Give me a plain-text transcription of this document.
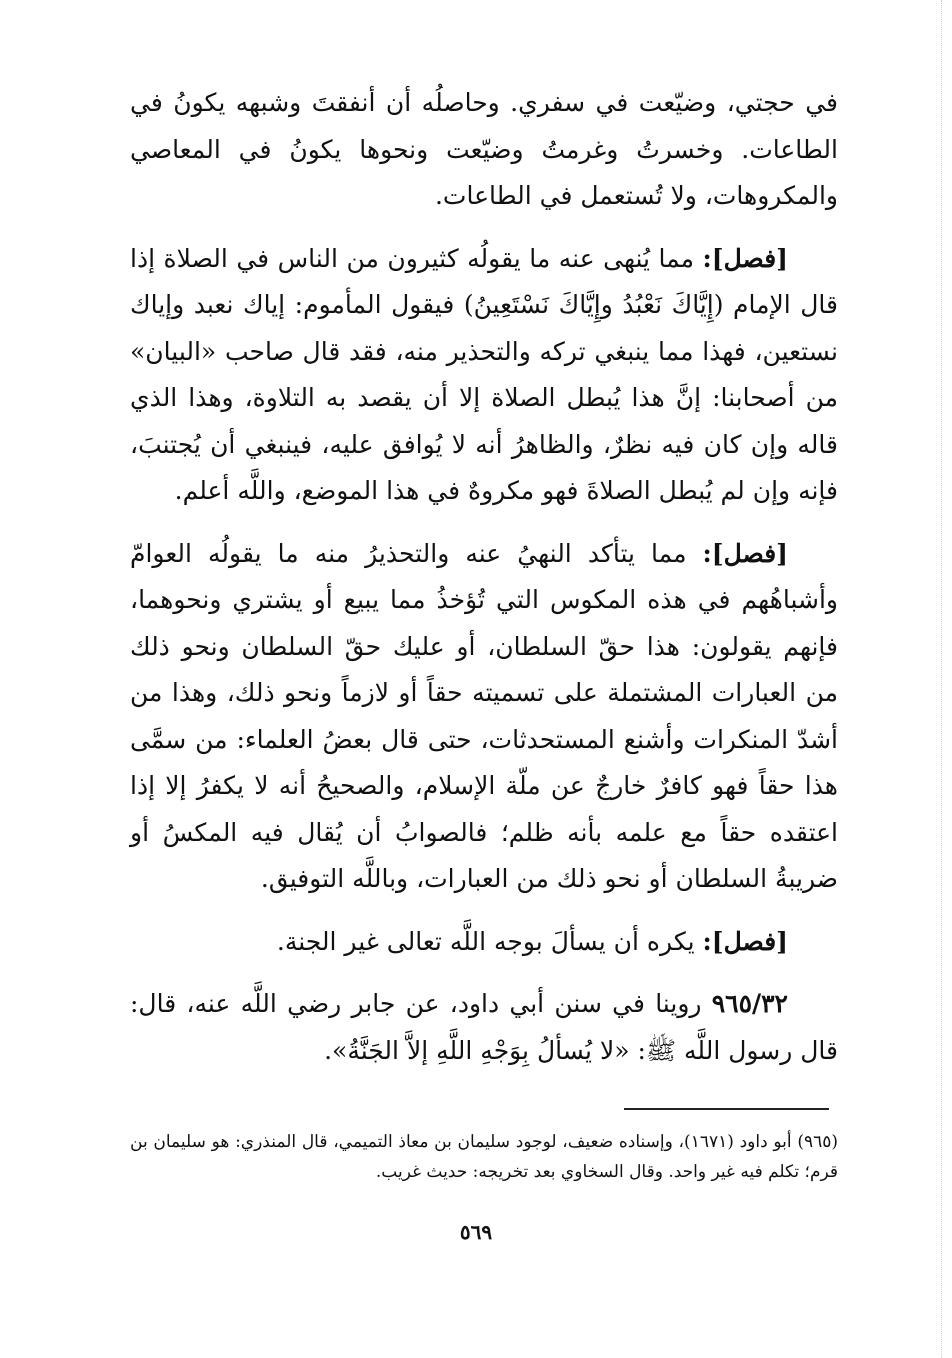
في حجتي، وضيّعت في سفري. وحاصلُه أن أنفقتَ وشبهه يكونُ في الطاعات. وخسرتُ وغرمتُ وضيّعت ونحوها يكونُ في المعاصي والمكروهات، ولا تُستعمل في الطاعات.

[فصل]: مما يُنهى عنه ما يقولُه كثيرون من الناس في الصلاة إذا قال الإمام (إِيَّاكَ نَعْبُدُ وإِيَّاكَ نَسْتَعِينُ) فيقول المأموم: إياك نعبد وإياك نستعين، فهذا مما ينبغي تركه والتحذير منه، فقد قال صاحب «البيان» من أصحابنا: إنَّ هذا يُبطل الصلاة إلا أن يقصد به التلاوة، وهذا الذي قاله وإن كان فيه نظرٌ، والظاهرُ أنه لا يُوافق عليه، فينبغي أن يُجتنبَ، فإنه وإن لم يُبطل الصلاةَ فهو مكروهٌ في هذا الموضع، واللَّه أعلم.

[فصل]: مما يتأكد النهيُ عنه والتحذيرُ منه ما يقولُه العوامّ وأشباهُهم في هذه المكوس التي تُؤخذُ مما يبيع أو يشتري ونحوهما، فإنهم يقولون: هذا حقّ السلطان، أو عليك حقّ السلطان ونحو ذلك من العبارات المشتملة على تسميته حقاً أو لازماً ونحو ذلك، وهذا من أشدّ المنكرات وأشنع المستحدثات، حتى قال بعضُ العلماء: من سمَّى هذا حقاً فهو كافرٌ خارجٌ عن ملّة الإسلام، والصحيحُ أنه لا يكفرُ إلا إذا اعتقده حقاً مع علمه بأنه ظلم؛ فالصوابُ أن يُقال فيه المكسُ أو ضريبةُ السلطان أو نحو ذلك من العبارات، وباللَّه التوفيق.

[فصل]: يكره أن يسألَ بوجه اللَّه تعالى غير الجنة.

٩٦٥/٣٢ روينا في سنن أبي داود، عن جابر رضي اللَّه عنه، قال: قال رسول اللَّه ﷺ: «لا يُسألُ بِوَجْهِ اللَّهِ إلاَّ الجَنَّةُ».

(٩٦٥) أبو داود (١٦٧١)، وإسناده ضعيف، لوجود سليمان بن معاذ التميمي، قال المنذري: هو سليمان بن قرم؛ تكلم فيه غير واحد. وقال السخاوي بعد تخريجه: حديث غريب.

٥٦٩
